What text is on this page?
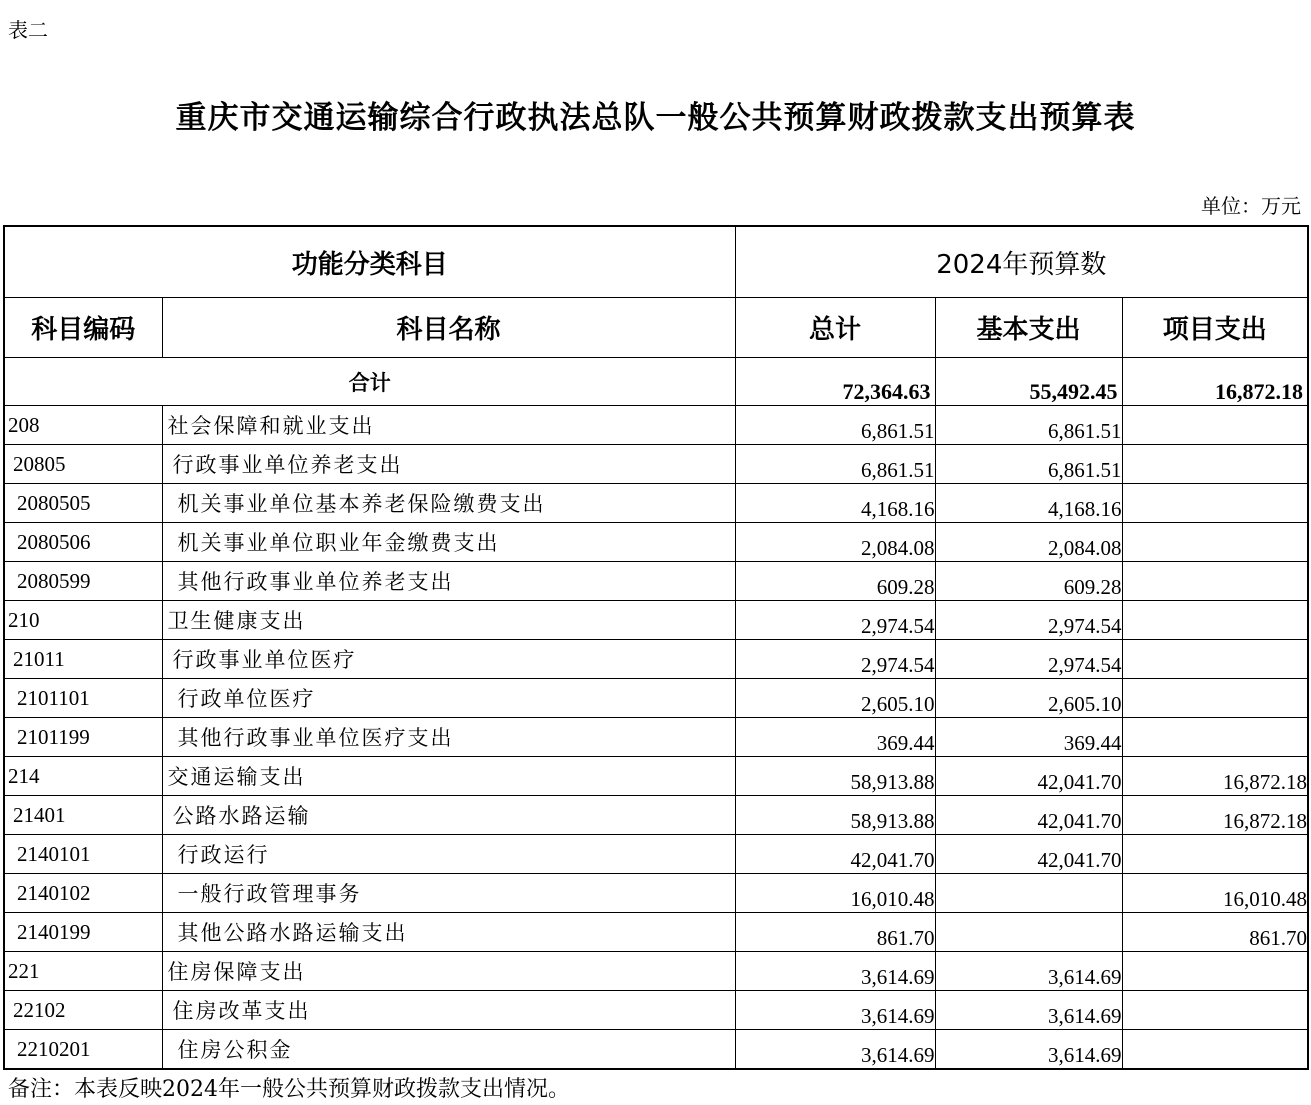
表二
重庆市交通运输综合行政执法总队一般公共预算财政拨款支出预算表
单位：万元
功能分类科目		2024年预算数		
科目编码	科目名称	总计	基本支出	项目支出
合计		72,364.63	55,492.45	16,872.18
208	社会保障和就业支出	6,861.51	6,861.51	
20805	行政事业单位养老支出	6,861.51	6,861.51	
2080505	机关事业单位基本养老保险缴费支出	4,168.16	4,168.16	
2080506	机关事业单位职业年金缴费支出	2,084.08	2,084.08	
2080599	其他行政事业单位养老支出	609.28	609.28	
210	卫生健康支出	2,974.54	2,974.54	
21011	行政事业单位医疗	2,974.54	2,974.54	
2101101	行政单位医疗	2,605.10	2,605.10	
2101199	其他行政事业单位医疗支出	369.44	369.44	
214	交通运输支出	58,913.88	42,041.70	16,872.18
21401	公路水路运输	58,913.88	42,041.70	16,872.18
2140101	行政运行	42,041.70	42,041.70	
2140102	一般行政管理事务	16,010.48		16,010.48
2140199	其他公路水路运输支出	861.70		861.70
221	住房保障支出	3,614.69	3,614.69	
22102	住房改革支出	3,614.69	3,614.69	
2210201	住房公积金	3,614.69	3,614.69	
备注：本表反映2024年一般公共预算财政拨款支出情况。
